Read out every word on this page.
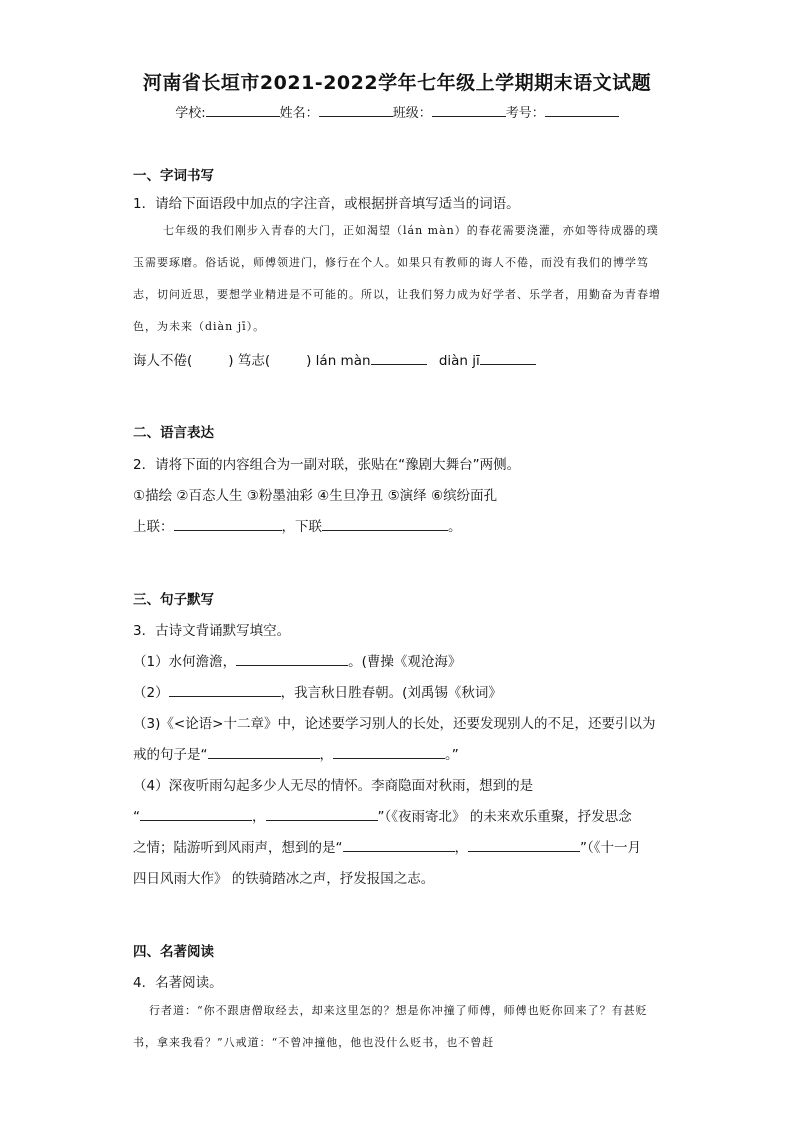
河南省长垣市2021-2022学年七年级上学期期末语文试题
学校:	姓名：	班级：	考号：
一、字词书写
1．请给下面语段中加点的字注音，或根据拼音填写适当的词语。
七年级的我们刚步入青春的大门，正如渴望（lán màn）的春花需要浇灌，亦如等待成器的璞玉需要琢磨。俗话说，师傅领进门，修行在个人。如果只有教师的诲人不倦，而没有我们的博学笃志，切问近思，要想学业精进是不可能的。所以，让我们努力成为好学者、乐学者，用勤奋为青春增色，为未来（diàn jī）。
诲人不倦(	) 笃志(	) lán màn	diàn jī
二、语言表达
2．请将下面的内容组合为一副对联，张贴在“豫剧大舞台”两侧。
①描绘 ②百态人生 ③粉墨油彩 ④生旦净丑 ⑤演绎 ⑥缤纷面孔
上联：	，下联	。
三、句子默写
3．古诗文背诵默写填空。
（1）水何澹澹，	。(曹操《观沧海》
（2）	，我言秋日胜春朝。(刘禹锡《秋词》
（3)《<论语>十二章》中，论述要学习别人的长处，还要发现别人的不足，还要引以为
戒的句子是“	，	。”
（4）深夜听雨勾起多少人无尽的情怀。李商隐面对秋雨，想到的是
“	，	”（《夜雨寄北》 的未来欢乐重聚，抒发思念
之情；陆游听到风雨声，想到的是“	，	”（《十一月
四日风雨大作》 的铁骑踏冰之声，抒发报国之志。
四、名著阅读
4．名著阅读。
行者道：“你不跟唐僧取经去，却来这里怎的？想是你冲撞了师傅，师傅也贬你回来了？有甚贬书，拿来我看？”八戒道：“不曾冲撞他，他也没什么贬书，也不曾赶
